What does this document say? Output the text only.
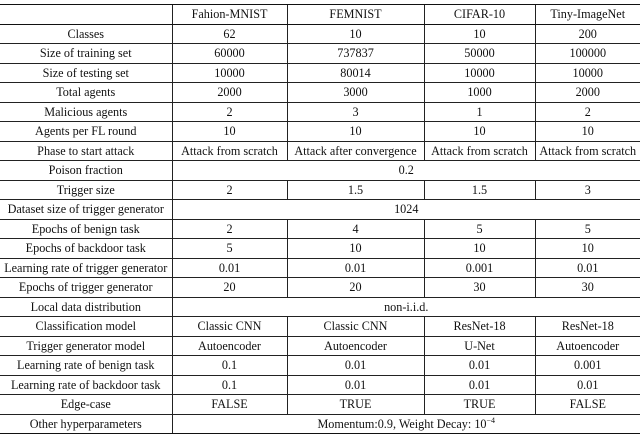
	Fahion-MNIST	FEMNIST	CIFAR-10	Tiny-ImageNet
Classes	62	10	10	200
Size of training set	60000	737837	50000	100000
Size of testing set	10000	80014	10000	10000
Total agents	2000	3000	1000	2000
Malicious agents	2	3	1	2
Agents per FL round	10	10	10	10
Phase to start attack	Attack from scratch	Attack after convergence	Attack from scratch	Attack from scratch
Poison fraction	0.2			
Trigger size	2	1.5	1.5	3
Dataset size of trigger generator	1024			
Epochs of benign task	2	4	5	5
Epochs of backdoor task	5	10	10	10
Learning rate of trigger generator	0.01	0.01	0.001	0.01
Epochs of trigger generator	20	20	30	30
Local data distribution	non-i.i.d.			
Classification model	Classic CNN	Classic CNN	ResNet-18	ResNet-18
Trigger generator model	Autoencoder	Autoencoder	U-Net	Autoencoder
Learning rate of benign task	0.1	0.01	0.01	0.001
Learning rate of backdoor task	0.1	0.01	0.01	0.01
Edge-case	FALSE	TRUE	TRUE	FALSE
Other hyperparameters	Momentum:0.9, Weight Decay: $10^{-4}$
